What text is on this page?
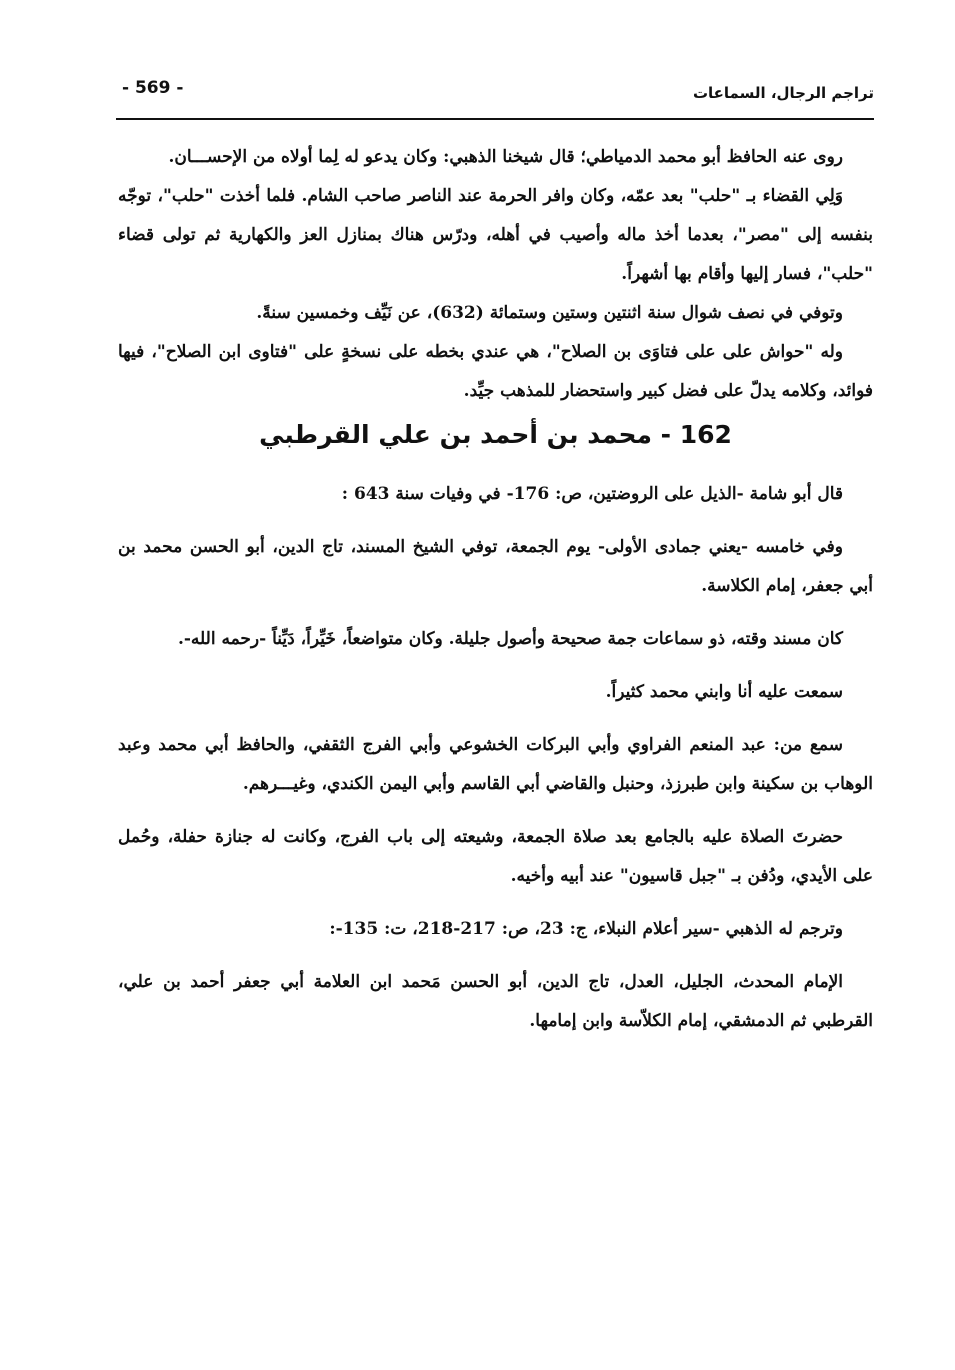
تراجم الرجال، السماعات
- 569 -

روى عنه الحافظ أبو محمد الدمياطي؛ قال شيخنا الذهبي: وكان يدعو له لِما أولاه من الإحســـان.

وَلِي القضاء بـ "حلب" بعد عمّه، وكان وافر الحرمة عند الناصر صاحب الشام. فلما أخذت "حلب"، توجّه بنفسه إلى "مصر"، بعدما أخذ ماله وأصيب في أهله، ودرّس هناك بمنازل العز والكهارية ثم تولى قضاء "حلب"، فسار إليها وأقام بها أشهراً.

وتوفي في نصف شوال سنة اثنتين وستين وستمائة (632)، عن نَيِّف وخمسين سنةً.

وله "حواش على على فتاوَى بن الصلاح"، هي عندي بخطه على نسخةٍ على "فتاوى ابن الصلاح"، فيها فوائد، وكلامه يدلّ على فضل كبير واستحضار للمذهب جيِّد.

162 - محمد بن أحمد بن علي القرطبي

قال أبو شامة -الذيل على الروضتين، ص: 176- في وفيات سنة 643 :

وفي خامسه -يعني جمادى الأولى- يوم الجمعة، توفي الشيخ المسند، تاج الدين، أبو الحسن محمد بن أبي جعفر، إمام الكلاسة.

كان مسند وقته، ذو سماعات جمة صحيحة وأصول جليلة. وكان متواضعاً، خَيِّراً، دَيِّناً -رحمه الله-.

سمعت عليه أنا وابني محمد كثيراً.

سمع من: عبد المنعم الفراوي وأبي البركات الخشوعي وأبي الفرج الثقفي، والحافظ أبي محمد وعبد الوهاب بن سكينة وابن طبرزذ، وحنبل والقاضي أبي القاسم وأبي اليمن الكندي، وغيـــرهم.

حضرتَ الصلاة عليه بالجامع بعد صلاة الجمعة، وشيعته إلى باب الفرج، وكانت له جنازة حفلة، وحُمل على الأيدي، ودُفن بـ "جبل قاسيون" عند أبيه وأخيه.

وترجم له الذهبي -سير أعلام النبلاء، ج: 23، ص: 217-218، ت: 135-:

الإمام المحدث، الجليل، العدل، تاج الدين، أبو الحسن مَحمد ابن العلامة أبي جعفر أحمد بن علي، القرطبي ثم الدمشقي، إمام الكلاّسة وابن إمامها.
